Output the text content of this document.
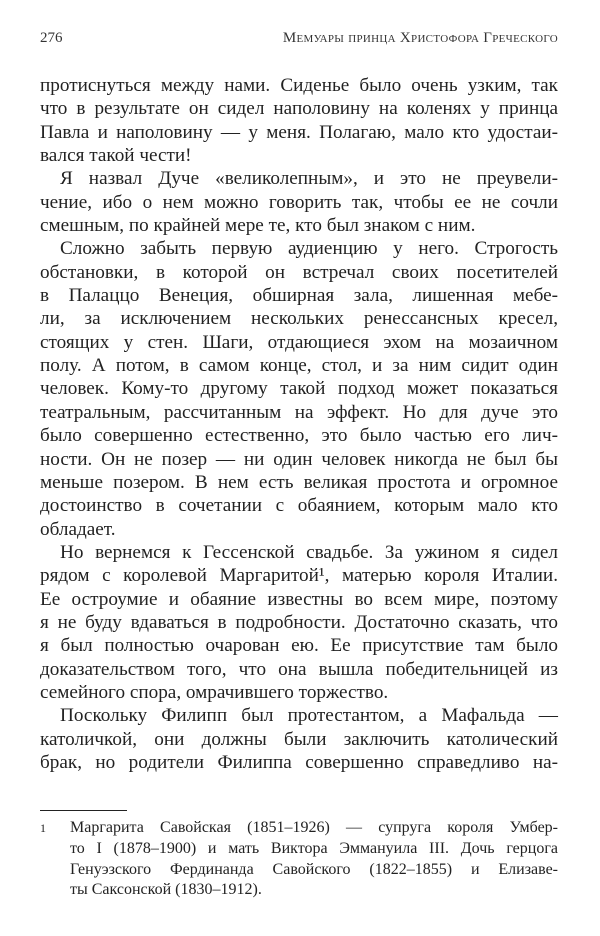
276	Мемуары принца Христофора Греческого
протиснуться между нами. Сиденье было очень узким, так
что в результате он сидел наполовину на коленях у принца
Павла и наполовину — у меня. Полагаю, мало кто удостаи-
вался такой чести!
Я назвал Дуче «великолепным», и это не преувели-
чение, ибо о нем можно говорить так, чтобы ее не сочли
смешным, по крайней мере те, кто был знаком с ним.
Сложно забыть первую аудиенцию у него. Строгость
обстановки, в которой он встречал своих посетителей
в Палаццо Венеция, обширная зала, лишенная мебе-
ли, за исключением нескольких ренессансных кресел,
стоящих у стен. Шаги, отдающиеся эхом на мозаичном
полу. А потом, в самом конце, стол, и за ним сидит один
человек. Кому-то другому такой подход может показаться
театральным, рассчитанным на эффект. Но для дуче это
было совершенно естественно, это было частью его лич-
ности. Он не позер — ни один человек никогда не был бы
меньше позером. В нем есть великая простота и огромное
достоинство в сочетании с обаянием, которым мало кто
обладает.
Но вернемся к Гессенской свадьбе. За ужином я сидел
рядом с королевой Маргаритой¹, матерью короля Италии.
Ее остроумие и обаяние известны во всем мире, поэтому
я не буду вдаваться в подробности. Достаточно сказать, что
я был полностью очарован ею. Ее присутствие там было
доказательством того, что она вышла победительницей из
семейного спора, омрачившего торжество.
Поскольку Филипп был протестантом, а Мафальда —
католичкой, они должны были заключить католический
брак, но родители Филиппа совершенно справедливо на-
1 Маргарита Савойская (1851–1926) — супруга короля Умбер-
то I (1878–1900) и мать Виктора Эммануила III. Дочь герцога
Генуэзского Фердинанда Савойского (1822–1855) и Елизаве-
ты Саксонской (1830–1912).
